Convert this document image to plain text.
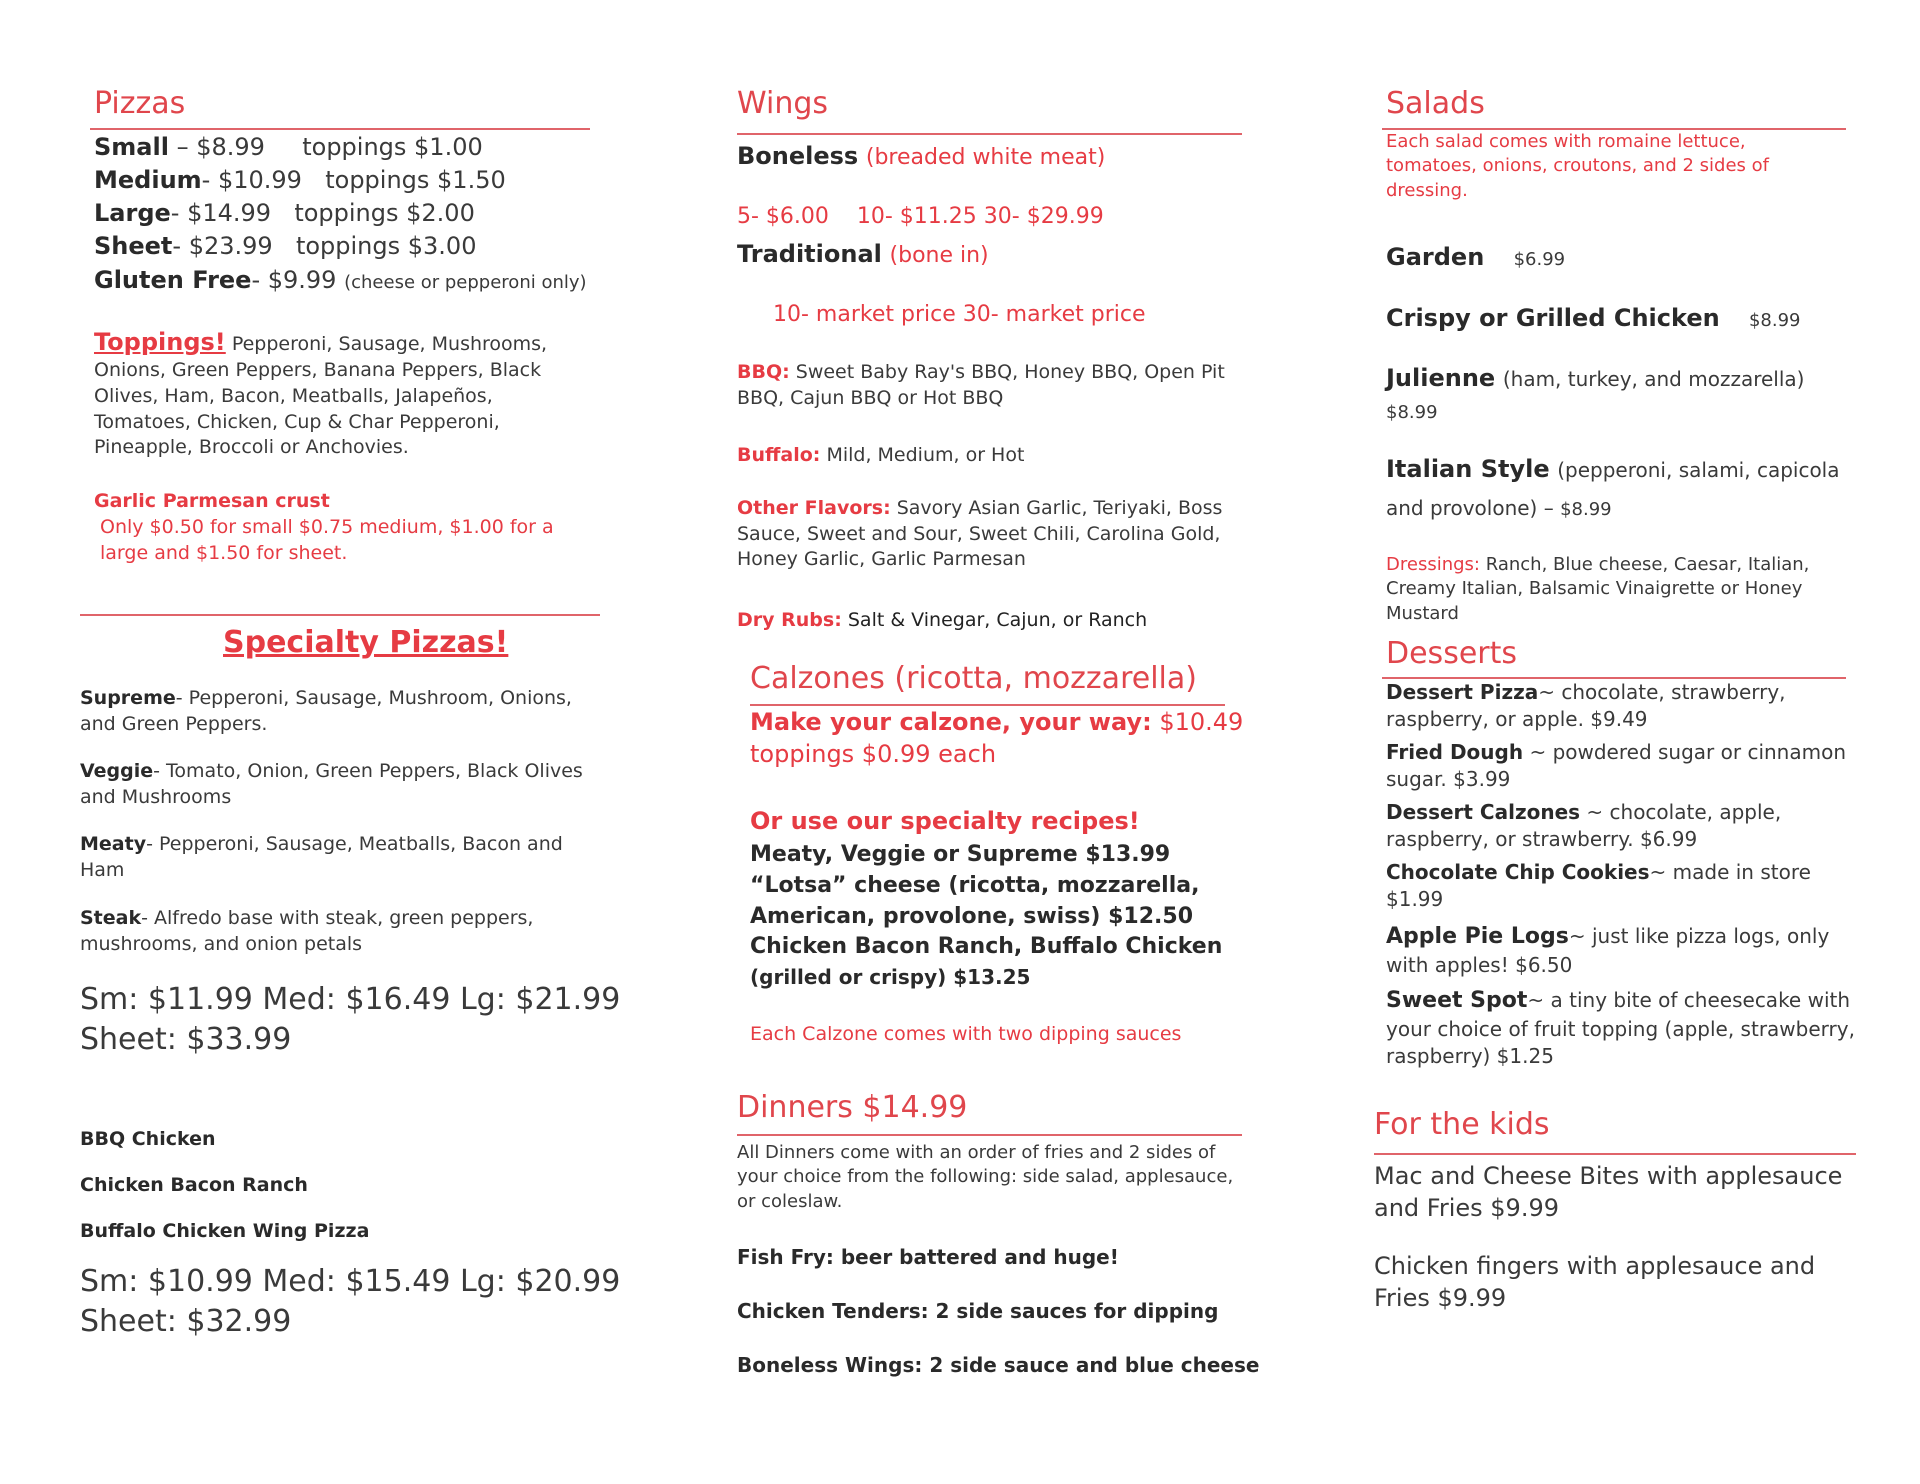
Pizzas
Small – $8.99 toppings $1.00
Medium- $10.99 toppings $1.50
Large- $14.99 toppings $2.00
Sheet- $23.99 toppings $3.00
Gluten Free- $9.99 (cheese or pepperoni only)
Toppings! Pepperoni, Sausage, Mushrooms, Onions, Green Peppers, Banana Peppers, Black Olives, Ham, Bacon, Meatballs, Jalapeños, Tomatoes, Chicken, Cup & Char Pepperoni, Pineapple, Broccoli or Anchovies.
Garlic Parmesan crust
Only $0.50 for small $0.75 medium, $1.00 for a large and $1.50 for sheet.
Specialty Pizzas!
Supreme- Pepperoni, Sausage, Mushroom, Onions, and Green Peppers.
Veggie- Tomato, Onion, Green Peppers, Black Olives and Mushrooms
Meaty- Pepperoni, Sausage, Meatballs, Bacon and Ham
Steak- Alfredo base with steak, green peppers, mushrooms, and onion petals
Sm: $11.99 Med: $16.49 Lg: $21.99
Sheet: $33.99
BBQ Chicken
Chicken Bacon Ranch
Buffalo Chicken Wing Pizza
Sm: $10.99 Med: $15.49 Lg: $20.99
Sheet: $32.99
Wings
Boneless (breaded white meat)
5- $6.00    10- $11.25 30- $29.99
Traditional (bone in)
10- market price 30- market price
BBQ: Sweet Baby Ray's BBQ, Honey BBQ, Open Pit BBQ, Cajun BBQ or Hot BBQ
Buffalo: Mild, Medium, or Hot
Other Flavors: Savory Asian Garlic, Teriyaki, Boss Sauce, Sweet and Sour, Sweet Chili, Carolina Gold, Honey Garlic, Garlic Parmesan
Dry Rubs: Salt & Vinegar, Cajun, or Ranch
Calzones (ricotta, mozzarella)
Make your calzone, your way: $10.49
toppings $0.99 each
Or use our specialty recipes!
Meaty, Veggie or Supreme $13.99
“Lotsa” cheese (ricotta, mozzarella,
American, provolone, swiss) $12.50
Chicken Bacon Ranch, Buffalo Chicken
(grilled or crispy) $13.25
Each Calzone comes with two dipping sauces
Dinners $14.99
All Dinners come with an order of fries and 2 sides of your choice from the following: side salad, applesauce, or coleslaw.
Fish Fry: beer battered and huge!
Chicken Tenders: 2 side sauces for dipping
Boneless Wings: 2 side sauce and blue cheese
Salads
Each salad comes with romaine lettuce, tomatoes, onions, croutons, and 2 sides of dressing.
Garden $6.99
Crispy or Grilled Chicken $8.99
Julienne (ham, turkey, and mozzarella)
$8.99
Italian Style (pepperoni, salami, capicola
and provolone) – $8.99
Dressings: Ranch, Blue cheese, Caesar, Italian, Creamy Italian, Balsamic Vinaigrette or Honey Mustard
Desserts
Dessert Pizza~ chocolate, strawberry, raspberry, or apple. $9.49
Fried Dough ~ powdered sugar or cinnamon sugar. $3.99
Dessert Calzones ~ chocolate, apple, raspberry, or strawberry. $6.99
Chocolate Chip Cookies~ made in store $1.99
Apple Pie Logs~ just like pizza logs, only with apples! $6.50
Sweet Spot~ a tiny bite of cheesecake with your choice of fruit topping (apple, strawberry, raspberry) $1.25
For the kids
Mac and Cheese Bites with applesauce and Fries $9.99
Chicken fingers with applesauce and Fries $9.99
